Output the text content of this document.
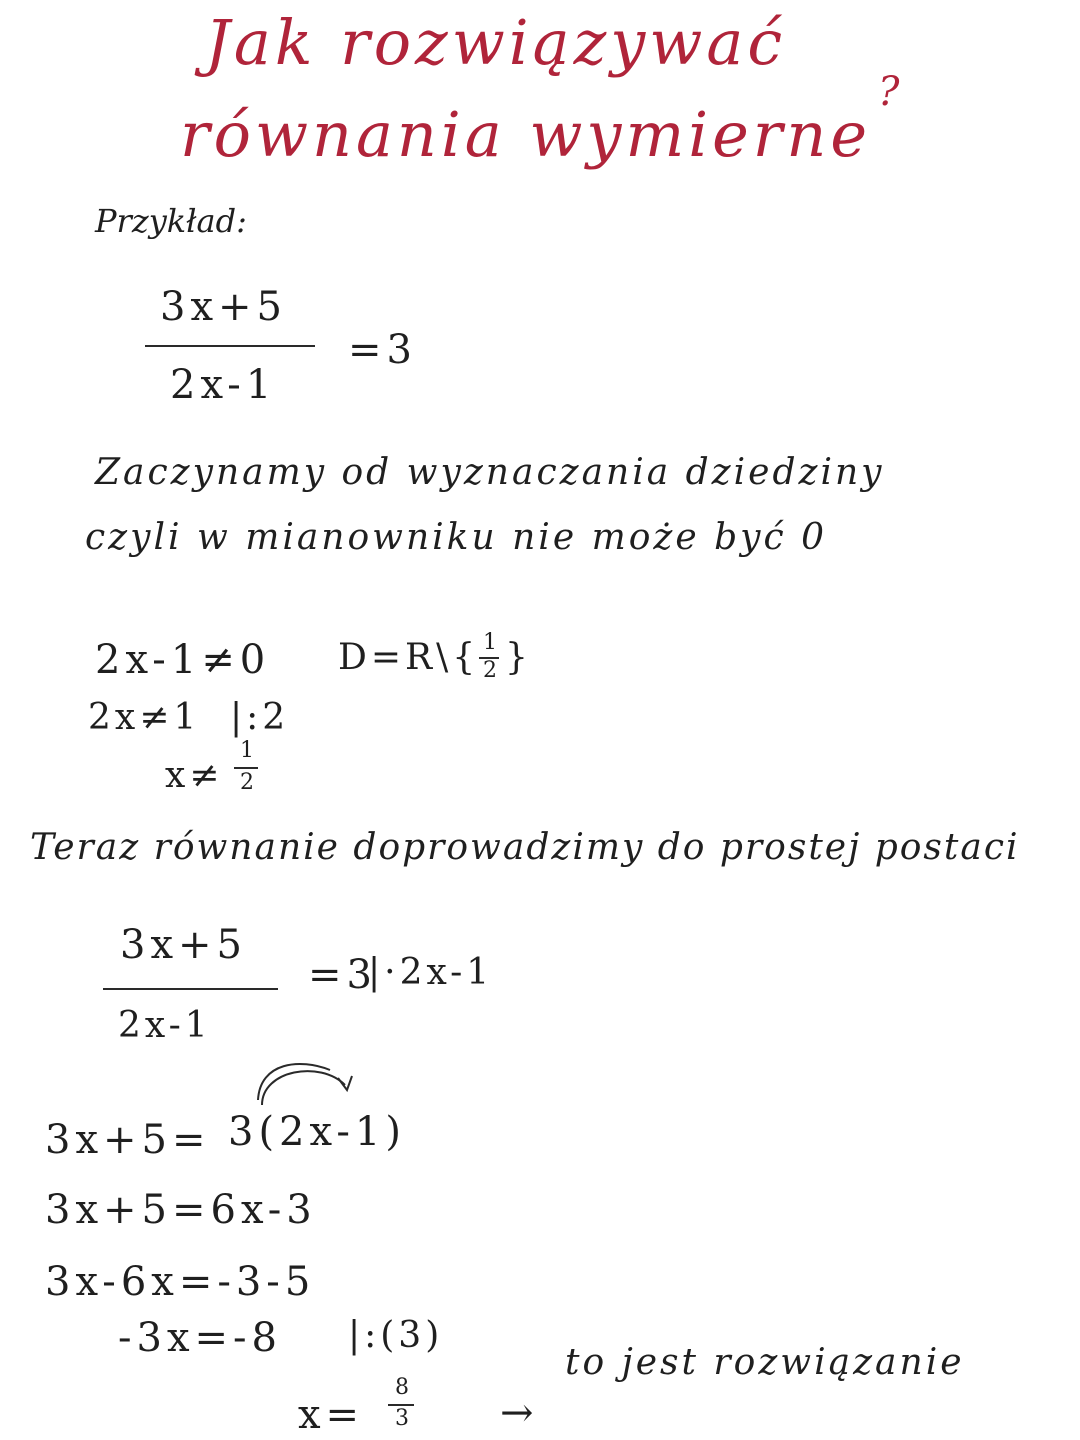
Jak rozwiązywać
?
równania wymierne
Przykład:
3x+5
2x-1
=3
Zaczynamy od wyznaczania dziedziny
czyli w mianowniku nie może być 0
2x-1≠0 D=R\{ 1
2 }
2x≠1 |:2
x≠
1
2
Teraz równanie doprowadzimy do prostej postaci
3x+5
2x-1
=3
|·2x-1
3x+5= 3(2x-1)
3x+5=6x-3
3x-6x=-3-5
-3x=-8 |:(3)
x=
8
3 →
to jest rozwiązanie
